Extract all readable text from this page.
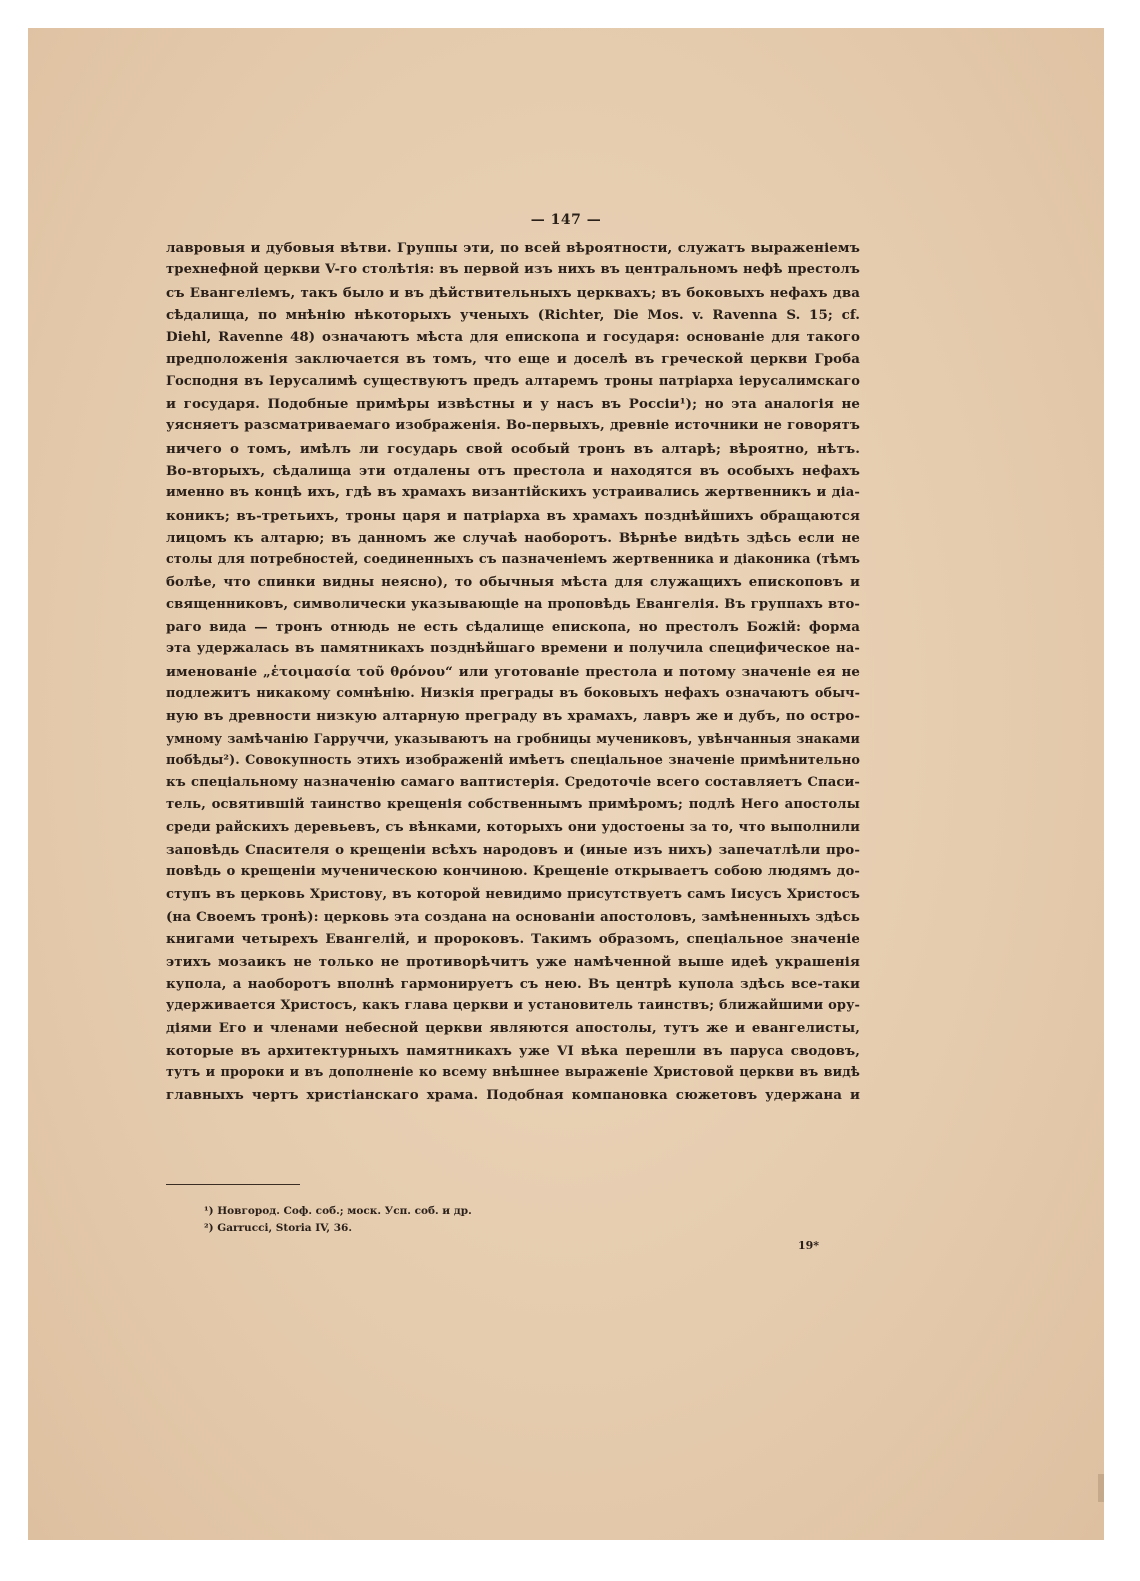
— 147 —
лавровыя и дубовыя вѣтви. Группы эти, по всей вѣроятности, служатъ выраженіемъ
трехнефной церкви V-го столѣтія: въ первой изъ нихъ въ центральномъ нефѣ престолъ
съ Евангеліемъ, такъ было и въ дѣйствительныхъ церквахъ; въ боковыхъ нефахъ два
сѣдалища, по мнѣнію нѣкоторыхъ ученыхъ (Richter, Die Mos. v. Ravenna S. 15; cf.
Diehl, Ravenne 48) означаютъ мѣста для епископа и государя: основаніе для такого
предположенія заключается въ томъ, что еще и доселѣ въ греческой церкви Гроба
Господня въ Іерусалимѣ существуютъ предъ алтаремъ троны патріарха іерусалимскаго
и государя. Подобные примѣры извѣстны и у насъ въ Россіи¹); но эта аналогія не
уясняетъ разсматриваемаго изображенія. Во-первыхъ, древніе источники не говорятъ
ничего о томъ, имѣлъ ли государь свой особый тронъ въ алтарѣ; вѣроятно, нѣтъ.
Во-вторыхъ, сѣдалища эти отдалены отъ престола и находятся въ особыхъ нефахъ
именно въ концѣ ихъ, гдѣ въ храмахъ византійскихъ устраивались жертвенникъ и діа-
коникъ; въ-третьихъ, троны царя и патріарха въ храмахъ позднѣйшихъ обращаются
лицомъ къ алтарю; въ данномъ же случаѣ наоборотъ. Вѣрнѣе видѣть здѣсь если не
столы для потребностей, соединенныхъ съ пазначеніемъ жертвенника и діаконика (тѣмъ
болѣе, что спинки видны неясно), то обычныя мѣста для служащихъ епископовъ и
священниковъ, символически указывающіе на проповѣдь Евангелія. Въ группахъ вто-
раго вида — тронъ отнюдь не есть сѣдалище епископа, но престолъ Божій: форма
эта удержалась въ памятникахъ позднѣйшаго времени и получила специфическое на-
именованіе „ἑτοιμασία τοῦ θρόνου“ или уготованіе престола и потому значеніе ея не
подлежитъ никакому сомнѣнію. Низкія преграды въ боковыхъ нефахъ означаютъ обыч-
ную въ древности низкую алтарную преграду въ храмахъ, лавръ же и дубъ, по остро-
умному замѣчанію Гарруччи, указываютъ на гробницы мучениковъ, увѣнчанныя знаками
побѣды²). Совокупность этихъ изображеній имѣетъ спеціальное значеніе примѣнительно
къ спеціальному назначенію самаго ваптистерія. Средоточіе всего составляетъ Спаси-
тель, освятившій таинство крещенія собственнымъ примѣромъ; подлѣ Него апостолы
среди райскихъ деревьевъ, съ вѣнками, которыхъ они удостоены за то, что выполнили
заповѣдь Спасителя о крещеніи всѣхъ народовъ и (иные изъ нихъ) запечатлѣли про-
повѣдь о крещеніи мученическою кончиною. Крещеніе открываетъ собою людямъ до-
ступъ въ церковь Христову, въ которой невидимо присутствуетъ самъ Іисусъ Христосъ
(на Своемъ тронѣ): церковь эта создана на основаніи апостоловъ, замѣненныхъ здѣсь
книгами четырехъ Евангелій, и пророковъ. Такимъ образомъ, спеціальное значеніе
этихъ мозаикъ не только не противорѣчитъ уже намѣченной выше идеѣ украшенія
купола, а наоборотъ вполнѣ гармонируетъ съ нею. Въ центрѣ купола здѣсь все-таки
удерживается Христосъ, какъ глава церкви и установитель таинствъ; ближайшими ору-
діями Его и членами небесной церкви являются апостолы, тутъ же и евангелисты,
которые въ архитектурныхъ памятникахъ уже VI вѣка перешли въ паруса сводовъ,
тутъ и пророки и въ дополненіе ко всему внѣшнее выраженіе Христовой церкви въ видѣ
главныхъ чертъ христіанскаго храма. Подобная компановка сюжетовъ удержана и
¹) Новгород. Соф. соб.; моск. Усп. соб. и др.
²) Garrucci, Storia IV, 36.
19*
